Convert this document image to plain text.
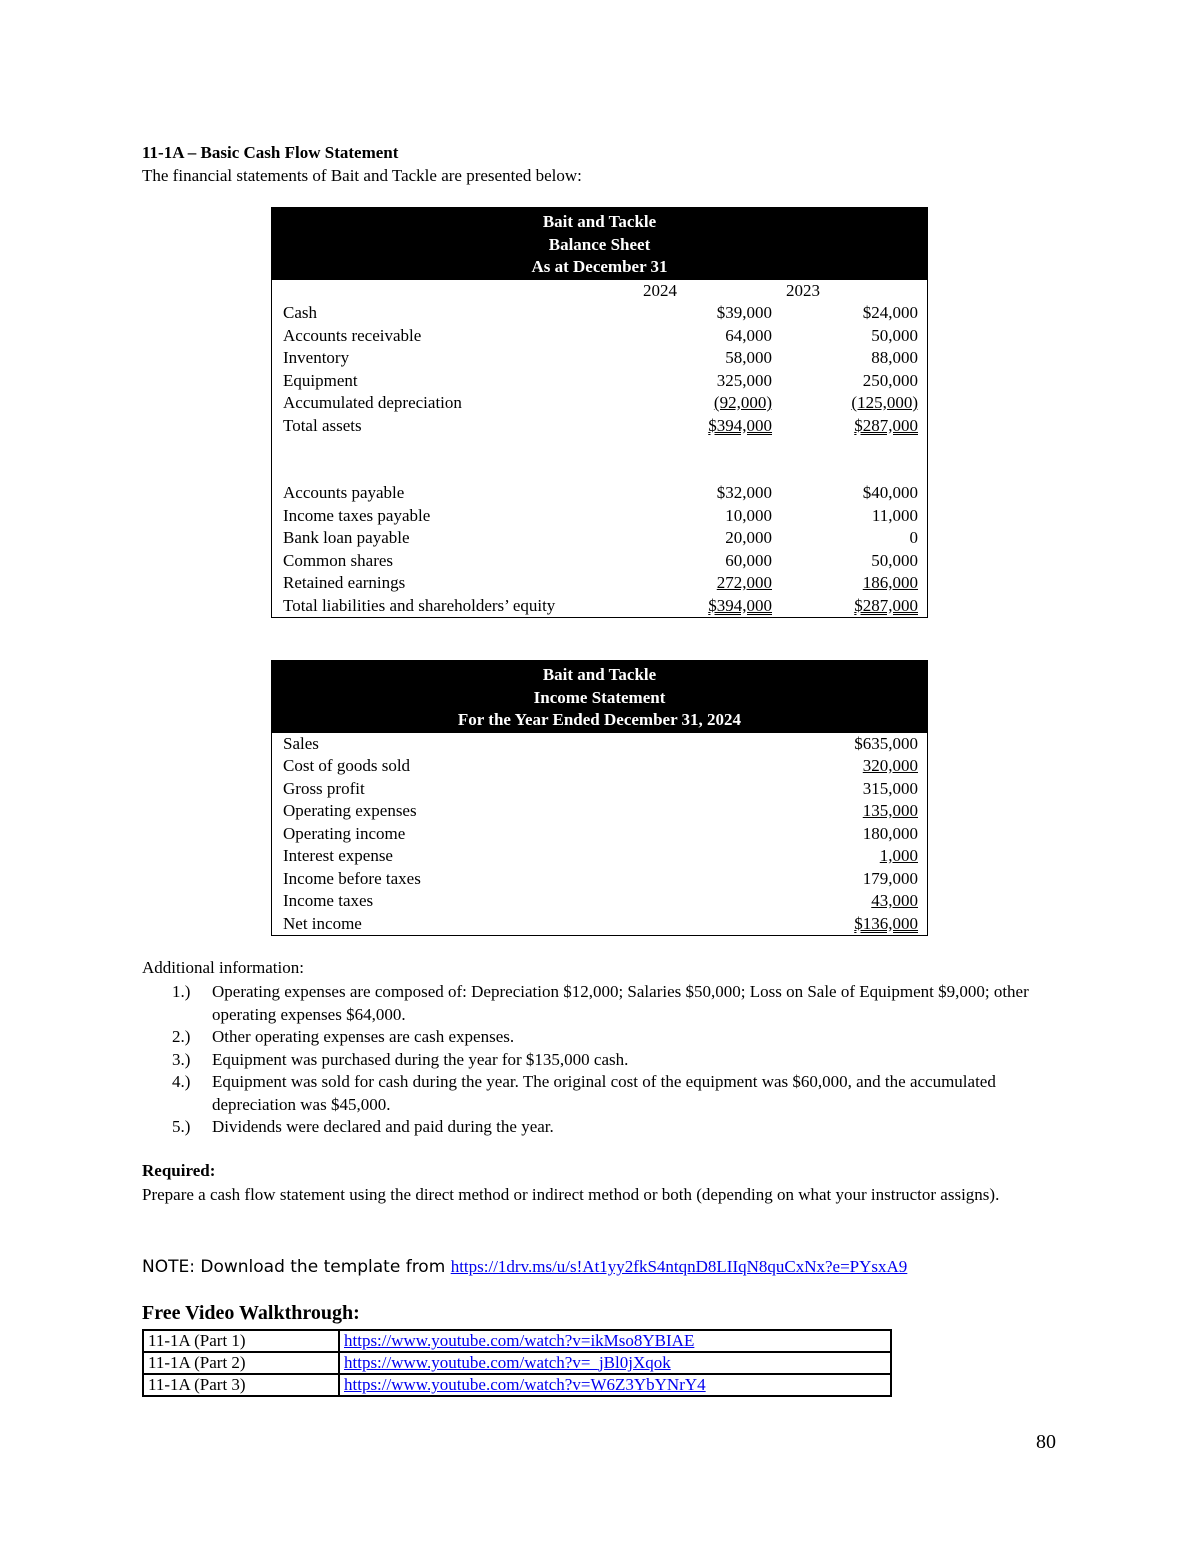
11-1A – Basic Cash Flow Statement
The financial statements of Bait and Tackle are presented below:
Bait and Tackle
Balance Sheet
As at December 31
2024	2023
Cash	$39,000	$24,000
Accounts receivable	64,000	50,000
Inventory	58,000	88,000
Equipment	325,000	250,000
Accumulated depreciation	(92,000)	(125,000)
Total assets	$394,000	$287,000
Accounts payable	$32,000	$40,000
Income taxes payable	10,000	11,000
Bank loan payable	20,000	0
Common shares	60,000	50,000
Retained earnings	272,000	186,000
Total liabilities and shareholders’ equity	$394,000	$287,000
Bait and Tackle
Income Statement
For the Year Ended December 31, 2024
Sales	$635,000
Cost of goods sold	320,000
Gross profit	315,000
Operating expenses	135,000
Operating income	180,000
Interest expense	1,000
Income before taxes	179,000
Income taxes	43,000
Net income	$136,000
Additional information:
1.)	Operating expenses are composed of: Depreciation $12,000; Salaries $50,000; Loss on Sale of Equipment $9,000; other operating expenses $64,000.
2.)	Other operating expenses are cash expenses.
3.)	Equipment was purchased during the year for $135,000 cash.
4.)	Equipment was sold for cash during the year. The original cost of the equipment was $60,000, and the accumulated depreciation was $45,000.
5.)	Dividends were declared and paid during the year.
Required:
Prepare a cash flow statement using the direct method or indirect method or both (depending on what your instructor assigns).
NOTE: Download the template from https://1drv.ms/u/s!At1yy2fkS4ntqnD8LIIqN8quCxNx?e=PYsxA9
Free Video Walkthrough:
11-1A (Part 1)	https://www.youtube.com/watch?v=ikMso8YBIAE
11-1A (Part 2)	https://www.youtube.com/watch?v=_jBl0jXqok
11-1A (Part 3)	https://www.youtube.com/watch?v=W6Z3YbYNrY4
80
